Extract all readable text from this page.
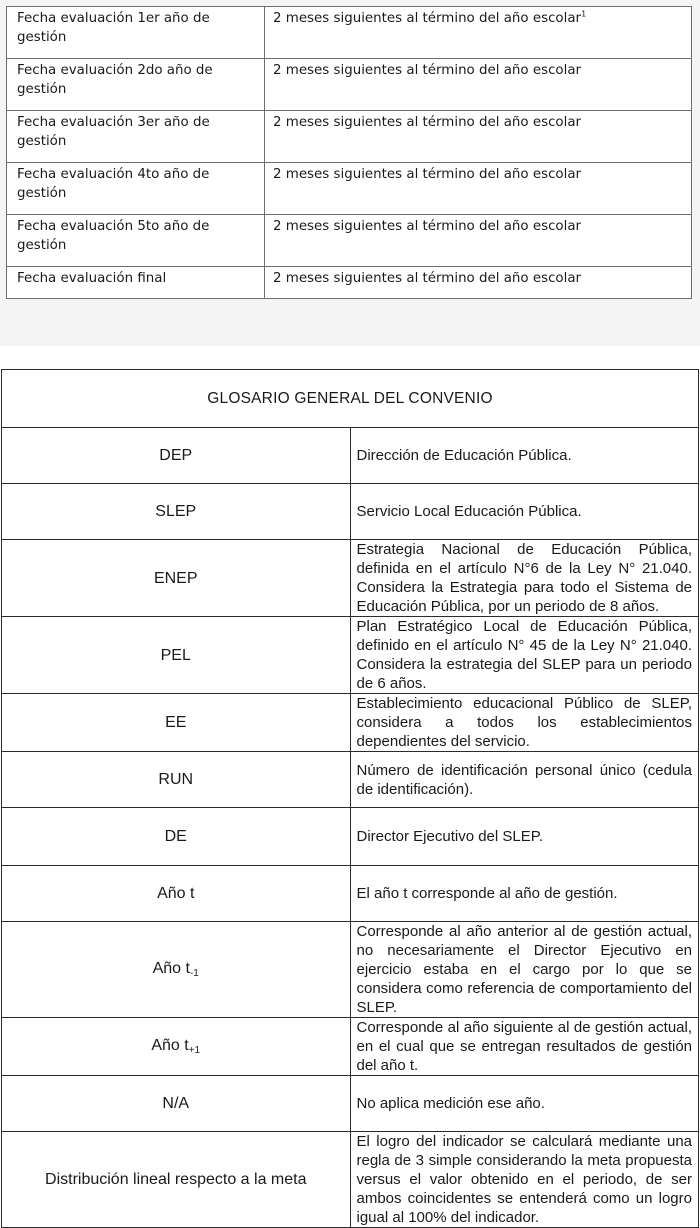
Fecha evaluación 1er año de gestión	2 meses siguientes al término del año escolar$^1$
Fecha evaluación 2do año de gestión	2 meses siguientes al término del año escolar
Fecha evaluación 3er año de gestión	2 meses siguientes al término del año escolar
Fecha evaluación 4to año de gestión	2 meses siguientes al término del año escolar
Fecha evaluación 5to año de gestión	2 meses siguientes al término del año escolar
Fecha evaluación final	2 meses siguientes al término del año escolar
GLOSARIO GENERAL DEL CONVENIO	
DEP	Dirección de Educación Pública.
SLEP	Servicio Local Educación Pública.
ENEP	Estrategia Nacional de Educación Pública, definida en el artículo N°6 de la Ley N° 21.040. Considera la Estrategia para todo el Sistema de Educación Pública, por un periodo de 8 años.
PEL	Plan Estratégico Local de Educación Pública, definido en el artículo N° 45 de la Ley N° 21.040. Considera la estrategia del SLEP para un periodo de 6 años.
EE	Establecimiento educacional Público de SLEP, considera a todos los establecimientos dependientes del servicio.
RUN	Número de identificación personal único (cedula de identificación).
DE	Director Ejecutivo del SLEP.
Año t	El año t corresponde al año de gestión.
Año t-1	Corresponde al año anterior al de gestión actual, no necesariamente el Director Ejecutivo en ejercicio estaba en el cargo por lo que se considera como referencia de comportamiento del SLEP.
Año t+1	Corresponde al año siguiente al de gestión actual, en el cual que se entregan resultados de gestión del año t.
N/A	No aplica medición ese año.
Distribución lineal respecto a la meta	El logro del indicador se calculará mediante una regla de 3 simple considerando la meta propuesta versus el valor obtenido en el periodo, de ser ambos coincidentes se entenderá como un logro igual al 100% del indicador.
